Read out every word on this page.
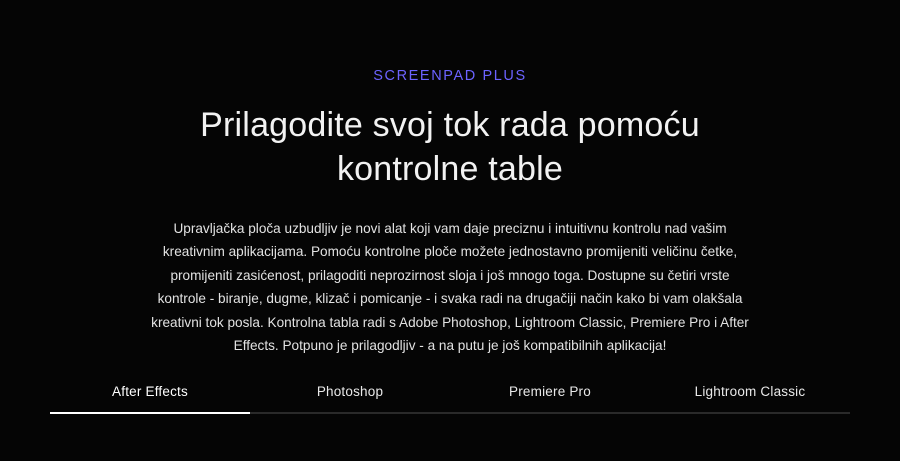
SCREENPAD PLUS
Prilagodite svoj tok rada pomoću kontrolne table

Upravljačka ploča uzbudljiv je novi alat koji vam daje preciznu i intuitivnu kontrolu nad vašim kreativnim aplikacijama. Pomoću kontrolne ploče možete jednostavno promijeniti veličinu četke, promijeniti zasićenost, prilagoditi neprozirnost sloja i još mnogo toga. Dostupne su četiri vrste kontrole - biranje, dugme, klizač i pomicanje - i svaka radi na drugačiji način kako bi vam olakšala kreativni tok posla. Kontrolna tabla radi s Adobe Photoshop, Lightroom Classic, Premiere Pro i After Effects. Potpuno je prilagodljiv - a na putu je još kompatibilnih aplikacija!

After Effects	Photoshop	Premiere Pro	Lightroom Classic
